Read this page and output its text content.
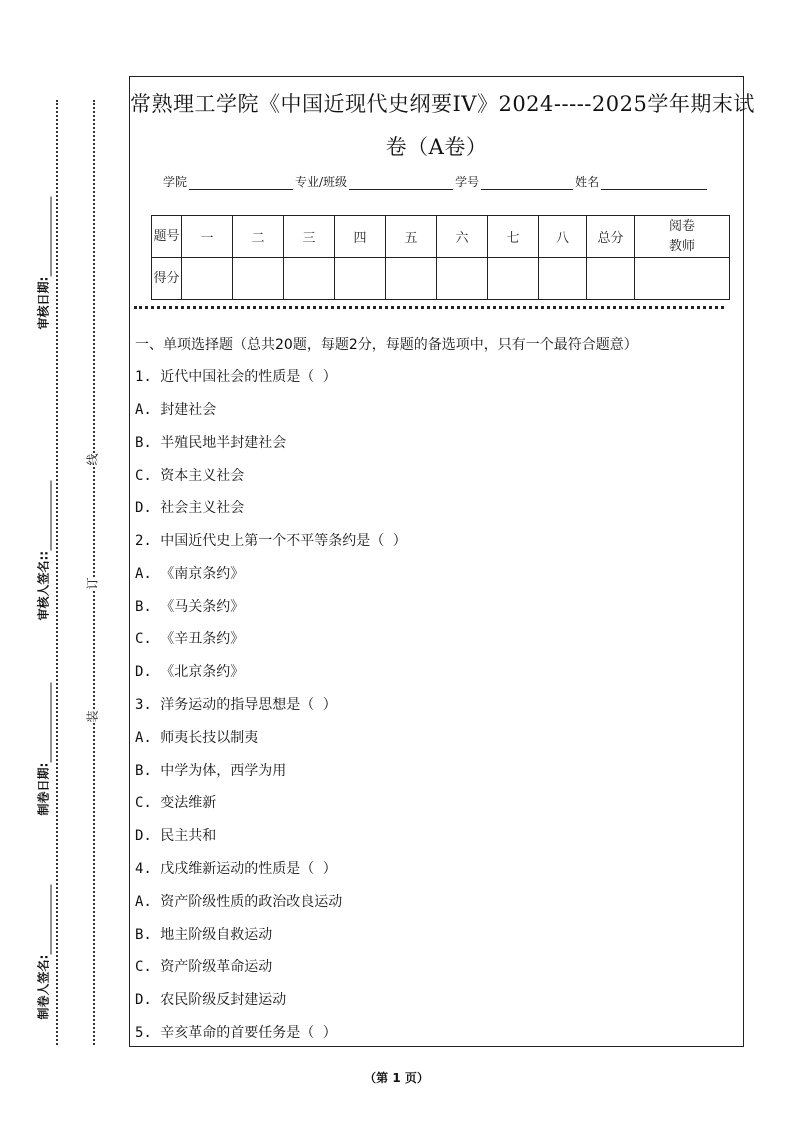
常熟理工学院《中国近现代史纲要IV》2024-----2025学年期末试
卷（A卷）
学院	专业/班级	学号	姓名
题号	一	二	三	四	五	六	七	八	总分	阅卷教师
得分										
一、单项选择题（总共20题，每题2分，每题的备选项中，只有一个最符合题意）
1. 近代中国社会的性质是（ ）
A. 封建社会
B. 半殖民地半封建社会
C. 资本主义社会
D. 社会主义社会
2. 中国近代史上第一个不平等条约是（ ）
A. 《南京条约》
B. 《马关条约》
C. 《辛丑条约》
D. 《北京条约》
3. 洋务运动的指导思想是（ ）
A. 师夷长技以制夷
B. 中学为体，西学为用
C. 变法维新
D. 民主共和
4. 戊戌维新运动的性质是（ ）
A. 资产阶级性质的政治改良运动
B. 地主阶级自救运动
C. 资产阶级革命运动
D. 农民阶级反封建运动
5. 辛亥革命的首要任务是（ ）
审核日期:
审核人签名::
制卷日期:
制卷人签名:
线
订
装
（第 1 页）
